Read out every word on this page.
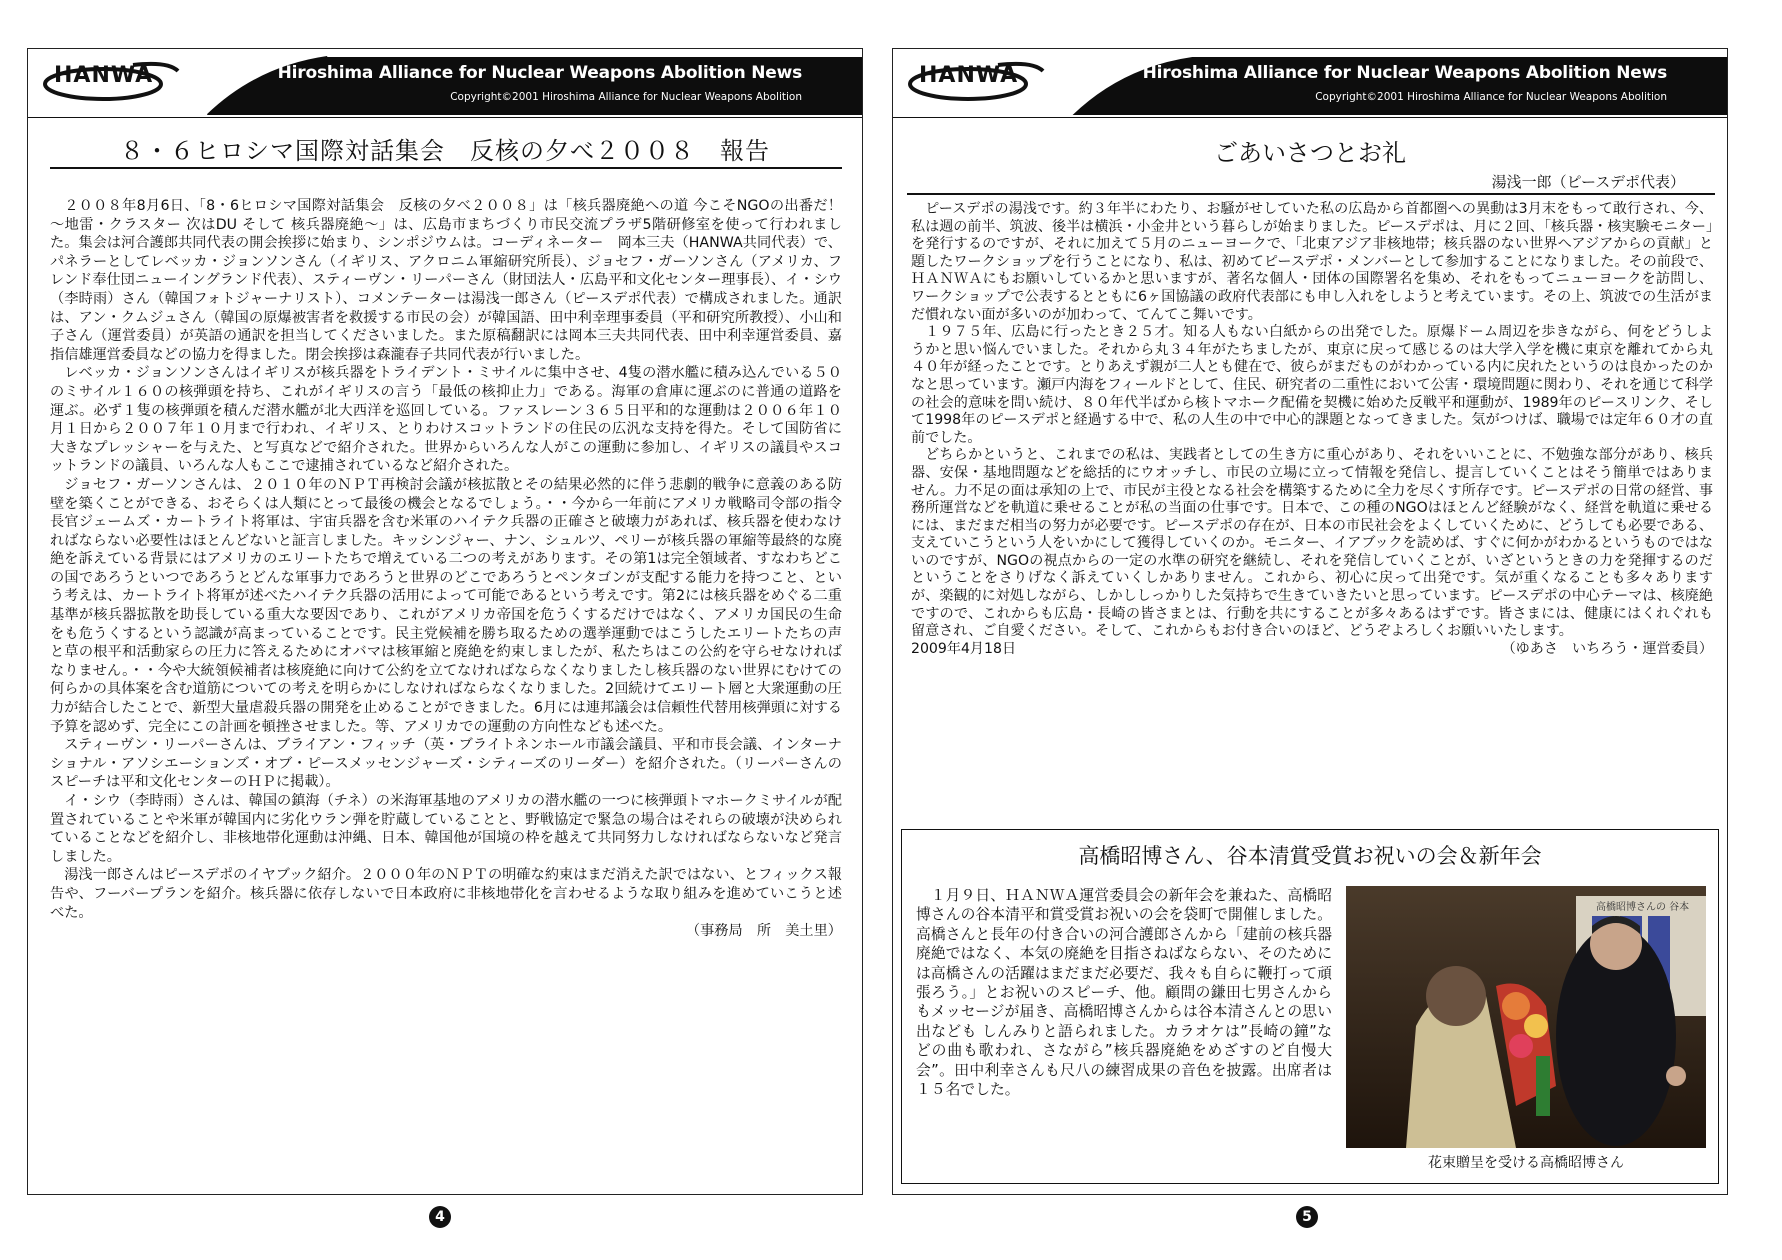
HANWA	Hiroshima Alliance for Nuclear Weapons Abolition News
Copyright©2001 Hiroshima Alliance for Nuclear Weapons Abolition
８・６ヒロシマ国際対話集会　反核の夕べ２００８　報告

２００８年8月6日、「8・6ヒロシマ国際対話集会　反核の夕べ２００８」は「核兵器廃絶への道 今こそNGOの出番だ！ ～地雷・クラスター 次はDU そして 核兵器廃絶～」は、広島市まちづくり市民交流プラザ5階研修室を使って行われました。集会は河合護郎共同代表の開会挨拶に始まり、シンポジウムは。コーディネーター　岡本三夫（HANWA共同代表）で、パネラーとしてレベッカ・ジョンソンさん（イギリス、アクロニム軍縮研究所長）、ジョセフ・ガーソンさん（アメリカ、フレンド奉仕団ニューイングランド代表）、スティーヴン・リーパーさん（財団法人・広島平和文化センター理事長）、イ・シウ（李時雨）さん（韓国フォトジャーナリスト）、コメンテーターは湯浅一郎さん（ピースデポ代表）で構成されました。通訳は、アン・クムジュさん（韓国の原爆被害者を救援する市民の会）が韓国語、田中利幸理事委員（平和研究所教授）、小山和子さん（運営委員）が英語の通訳を担当してくださいました。また原稿翻訳には岡本三夫共同代表、田中利幸運営委員、嘉指信雄運営委員などの協力を得ました。閉会挨拶は森瀧春子共同代表が行いました。

レベッカ・ジョンソンさんはイギリスが核兵器をトライデント・ミサイルに集中させ、4隻の潜水艦に積み込んでいる５０のミサイル１６０の核弾頭を持ち、これがイギリスの言う「最低の核抑止力」である。海軍の倉庫に運ぶのに普通の道路を運ぶ。必ず１隻の核弾頭を積んだ潜水艦が北大西洋を巡回している。ファスレーン３６５日平和的な運動は２００６年１０月１日から２００７年１０月まで行われ、イギリス、とりわけスコットランドの住民の広汎な支持を得た。そして国防省に大きなプレッシャーを与えた、と写真などで紹介された。世界からいろんな人がこの運動に参加し、イギリスの議員やスコットランドの議員、いろんな人もここで逮捕されているなど紹介された。

ジョセフ・ガーソンさんは、２０１０年のＮＰＴ再検討会議が核拡散とその結果必然的に伴う悲劇的戦争に意義のある防壁を築くことができる、おそらくは人類にとって最後の機会となるでしょう。・・今から一年前にアメリカ戦略司令部の指令長官ジェームズ・カートライト将軍は、宇宙兵器を含む米軍のハイテク兵器の正確さと破壊力があれば、核兵器を使わなければならない必要性はほとんどないと証言しました。キッシンジャー、ナン、シュルツ、ペリーが核兵器の軍縮等最終的な廃絶を訴えている背景にはアメリカのエリートたちで増えている二つの考えがあります。その第1は完全領域者、すなわちどこの国であろうといつであろうとどんな軍事力であろうと世界のどこであろうとペンタゴンが支配する能力を持つこと、という考えは、カートライト将軍が述べたハイテク兵器の活用によって可能であるという考えです。第2には核兵器をめぐる二重基準が核兵器拡散を助長している重大な要因であり、これがアメリカ帝国を危うくするだけではなく、アメリカ国民の生命をも危うくするという認識が高まっていることです。民主党候補を勝ち取るための選挙運動ではこうしたエリートたちの声と草の根平和活動家らの圧力に答えるためにオバマは核軍縮と廃絶を約束しましたが、私たちはこの公約を守らせなければなりません。・・今や大統領候補者は核廃絶に向けて公約を立てなければならなくなりましたし核兵器のない世界にむけての何らかの具体案を含む道筋についての考えを明らかにしなければならなくなりました。2回続けてエリート層と大衆運動の圧力が結合したことで、新型大量虐殺兵器の開発を止めることができました。6月には連邦議会は信頼性代替用核弾頭に対する予算を認めず、完全にこの計画を頓挫させました。等、アメリカでの運動の方向性なども述べた。

スティーヴン・リーパーさんは、ブライアン・フィッチ（英・ブライトネンホール市議会議員、平和市長会議、インターナショナル・アソシエーションズ・オブ・ピースメッセンジャーズ・シティーズのリーダー）を紹介された。（リーパーさんのスピーチは平和文化センターのＨＰに掲載）。

イ・シウ（李時雨）さんは、韓国の鎮海（チネ）の米海軍基地のアメリカの潜水艦の一つに核弾頭トマホークミサイルが配置されていることや米軍が韓国内に劣化ウラン弾を貯蔵していることと、野戦協定で緊急の場合はそれらの破壊が決められていることなどを紹介し、非核地帯化運動は沖縄、日本、韓国他が国境の枠を越えて共同努力しなければならないなど発言しました。

湯浅一郎さんはピースデポのイヤブック紹介。２０００年のＮＰＴの明確な約束はまだ消えた訳ではない、とフィックス報告や、フーバープランを紹介。核兵器に依存しないで日本政府に非核地帯化を言わせるような取り組みを進めていこうと述べた。

（事務局　所　美土里）
4
HANWA	Hiroshima Alliance for Nuclear Weapons Abolition News
Copyright©2001 Hiroshima Alliance for Nuclear Weapons Abolition
ごあいさつとお礼
湯浅一郎（ピースデポ代表）

ピースデポの湯浅です。約３年半にわたり、お騒がせしていた私の広島から首都圏への異動は3月末をもって敢行され、今、私は週の前半、筑波、後半は横浜・小金井という暮らしが始まりました。ピースデポは、月に２回、「核兵器・核実験モニター」を発行するのですが、それに加えて５月のニューヨークで、「北東アジア非核地帯；核兵器のない世界へアジアからの貢献」と題したワークショップを行うことになり、私は、初めてピースデポ・メンバーとして参加することになりました。その前段で、ＨＡＮＷＡにもお願いしているかと思いますが、著名な個人・団体の国際署名を集め、それをもってニューヨークを訪問し、ワークショップで公表するとともに6ヶ国協議の政府代表部にも申し入れをしようと考えています。その上、筑波での生活がまだ慣れない面が多いのが加わって、てんてこ舞いです。

１９７５年、広島に行ったとき２５才。知る人もない白紙からの出発でした。原爆ドーム周辺を歩きながら、何をどうしようかと思い悩んでいました。それから丸３４年がたちましたが、東京に戻って感じるのは大学入学を機に東京を離れてから丸４０年が経ったことです。とりあえず親が二人とも健在で、彼らがまだものがわかっている内に戻れたというのは良かったのかなと思っています。瀬戸内海をフィールドとして、住民、研究者の二重性において公害・環境問題に関わり、それを通じて科学の社会的意味を問い続け、８０年代半ばから核トマホーク配備を契機に始めた反戦平和運動が、1989年のピースリンク、そして1998年のピースデポと経過する中で、私の人生の中で中心的課題となってきました。気がつけば、職場では定年６０才の直前でした。

どちらかというと、これまでの私は、実践者としての生き方に重心があり、それをいいことに、不勉強な部分があり、核兵器、安保・基地問題などを総括的にウオッチし、市民の立場に立って情報を発信し、提言していくことはそう簡単ではありません。力不足の面は承知の上で、市民が主役となる社会を構築するために全力を尽くす所存です。ピースデポの日常の経営、事務所運営などを軌道に乗せることが私の当面の仕事です。日本で、この種のNGOはほとんど経験がなく、経営を軌道に乗せるには、まだまだ相当の努力が必要です。ピースデポの存在が、日本の市民社会をよくしていくために、どうしても必要である、支えていこうという人をいかにして獲得していくのか。モニター、イアブックを読めば、すぐに何かがわかるというものではないのですが、NGOの視点からの一定の水準の研究を継続し、それを発信していくことが、いざというときの力を発揮するのだということをさりげなく訴えていくしかありません。これから、初心に戻って出発です。気が重くなることも多々ありますが、楽観的に対処しながら、しかししっかりした気持ちで生きていきたいと思っています。ピースデポの中心テーマは、核廃絶ですので、これからも広島・長崎の皆さまとは、行動を共にすることが多々あるはずです。皆さまには、健康にはくれぐれも留意され、ご自愛ください。そして、これからもお付き合いのほど、どうぞよろしくお願いいたします。

2009年4月18日	（ゆあさ　いちろう・運営委員）
高橋昭博さん、谷本清賞受賞お祝いの会＆新年会

１月９日、ＨＡＮＷＡ運営委員会の新年会を兼ねた、高橋昭博さんの谷本清平和賞受賞お祝いの会を袋町で開催しました。高橋さんと長年の付き合いの河合護郎さんから「建前の核兵器廃絶ではなく、本気の廃絶を目指さねばならない、そのためには高橋さんの活躍はまだまだ必要だ、我々も自らに鞭打って頑張ろう。」とお祝いのスピーチ、他。顧問の鎌田七男さんからもメッセージが届き、高橋昭博さんからは谷本清さんとの思い出なども しんみりと語られました。カラオケは”長崎の鐘”などの曲も歌われ、さながら”核兵器廃絶をめざすのど自慢大会”。田中利幸さんも尺八の練習成果の音色を披露。出席者は１５名でした。

高橋昭博さんの 谷本
花束贈呈を受ける高橋昭博さん
5
